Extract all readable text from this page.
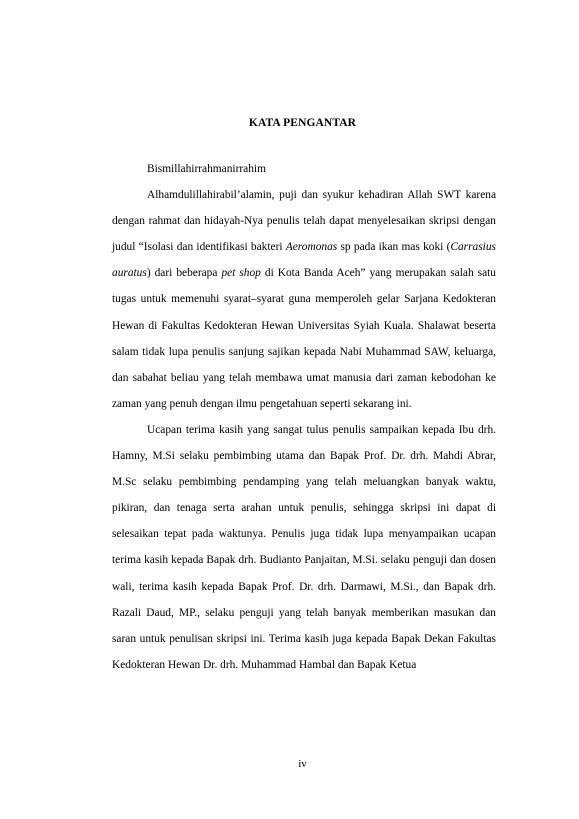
KATA PENGANTAR

Bismillahirrahmanirrahim

Alhamdulillahirabil’alamin, puji dan syukur kehadiran Allah SWT karena dengan rahmat dan hidayah-Nya penulis telah dapat menyelesaikan skripsi dengan judul “Isolasi dan identifikasi bakteri Aeromonas sp pada ikan mas koki (Carrasius auratus) dari beberapa pet shop di Kota Banda Aceh” yang merupakan salah satu tugas untuk memenuhi syarat–syarat guna memperoleh gelar Sarjana Kedokteran Hewan di Fakultas Kedokteran Hewan Universitas Syiah Kuala. Shalawat beserta salam tidak lupa penulis sanjung sajikan kepada Nabi Muhammad SAW, keluarga, dan sabahat beliau yang telah membawa umat manusia dari zaman kebodohan ke zaman yang penuh dengan ilmu pengetahuan seperti sekarang ini.

Ucapan terima kasih yang sangat tulus penulis sampaikan kepada Ibu drh. Hamny, M.Si selaku pembimbing utama dan Bapak Prof. Dr. drh. Mahdi Abrar, M.Sc selaku pembimbing pendamping yang telah meluangkan banyak waktu, pikiran, dan tenaga serta arahan untuk penulis, sehingga skripsi ini dapat di selesaikan tepat pada waktunya. Penulis juga tidak lupa menyampaikan ucapan terima kasih kepada Bapak drh. Budianto Panjaitan, M.Si. selaku penguji dan dosen wali, terima kasih kepada Bapak Prof. Dr. drh. Darmawi, M.Si., dan Bapak drh. Razali Daud, MP., selaku penguji yang telah banyak memberikan masukan dan saran untuk penulisan skripsi ini. Terima kasih juga kepada Bapak Dekan Fakultas Kedokteran Hewan Dr. drh. Muhammad Hambal dan Bapak Ketua

iv
